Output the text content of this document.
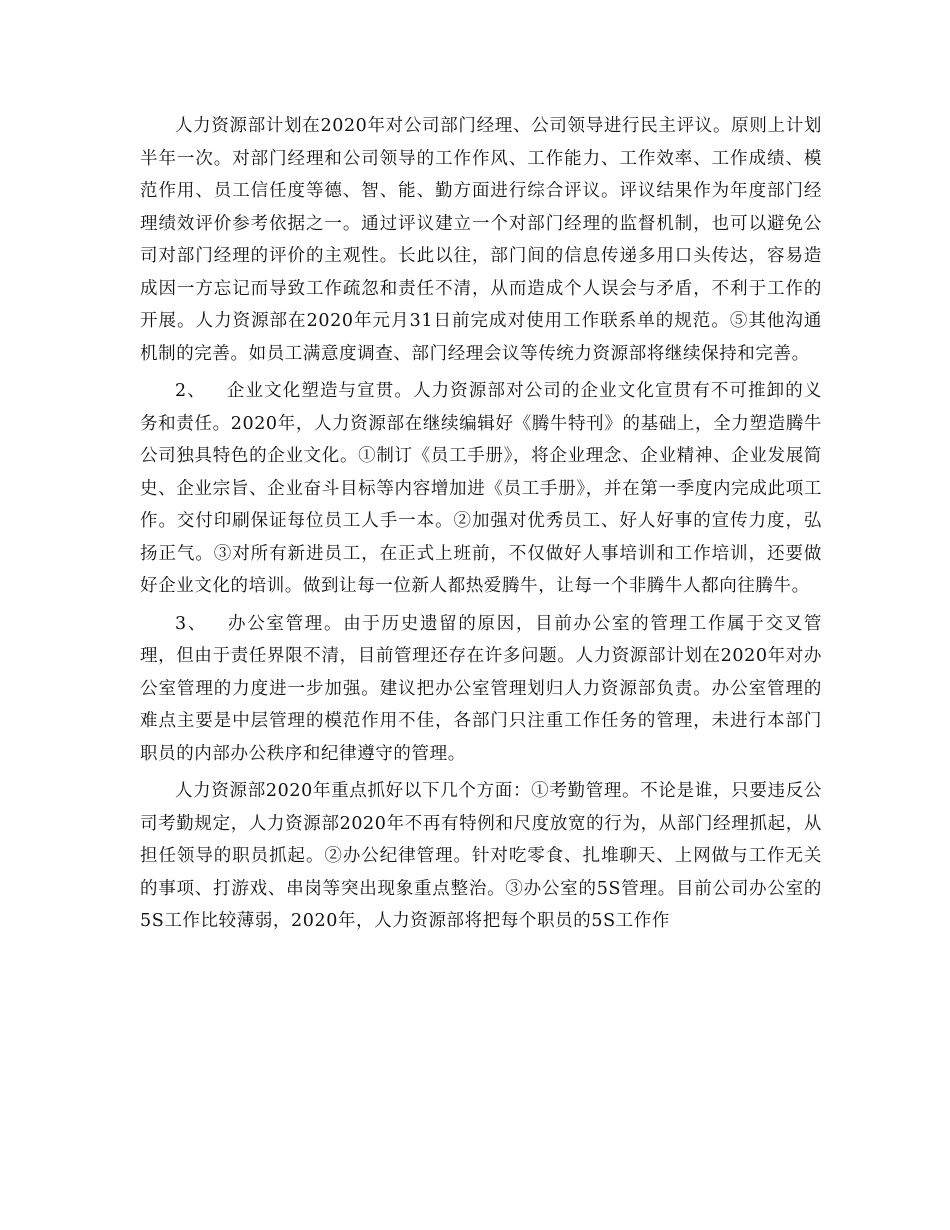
人力资源部计划在2020年对公司部门经理、公司领导进行民主评议。原则上计划半年一次。对部门经理和公司领导的工作作风、工作能力、工作效率、工作成绩、模范作用、员工信任度等德、智、能、勤方面进行综合评议。评议结果作为年度部门经理绩效评价参考依据之一。通过评议建立一个对部门经理的监督机制，也可以避免公司对部门经理的评价的主观性。长此以往，部门间的信息传递多用口头传达，容易造成因一方忘记而导致工作疏忽和责任不清，从而造成个人误会与矛盾，不利于工作的开展。人力资源部在2020年元月31日前完成对使用工作联系单的规范。⑤其他沟通机制的完善。如员工满意度调查、部门经理会议等传统力资源部将继续保持和完善。

2、 企业文化塑造与宣贯。人力资源部对公司的企业文化宣贯有不可推卸的义务和责任。2020年，人力资源部在继续编辑好《腾牛特刊》的基础上，全力塑造腾牛公司独具特色的企业文化。①制订《员工手册》，将企业理念、企业精神、企业发展简史、企业宗旨、企业奋斗目标等内容增加进《员工手册》，并在第一季度内完成此项工作。交付印刷保证每位员工人手一本。②加强对优秀员工、好人好事的宣传力度，弘扬正气。③对所有新进员工，在正式上班前，不仅做好人事培训和工作培训，还要做好企业文化的培训。做到让每一位新人都热爱腾牛，让每一个非腾牛人都向往腾牛。

3、 办公室管理。由于历史遗留的原因，目前办公室的管理工作属于交叉管理，但由于责任界限不清，目前管理还存在许多问题。人力资源部计划在2020年对办公室管理的力度进一步加强。建议把办公室管理划归人力资源部负责。办公室管理的难点主要是中层管理的模范作用不佳，各部门只注重工作任务的管理，未进行本部门职员的内部办公秩序和纪律遵守的管理。

人力资源部2020年重点抓好以下几个方面：①考勤管理。不论是谁，只要违反公司考勤规定，人力资源部2020年不再有特例和尺度放宽的行为，从部门经理抓起，从担任领导的职员抓起。②办公纪律管理。针对吃零食、扎堆聊天、上网做与工作无关的事项、打游戏、串岗等突出现象重点整治。③办公室的5S管理。目前公司办公室的5S工作比较薄弱，2020年，人力资源部将把每个职员的5S工作作
